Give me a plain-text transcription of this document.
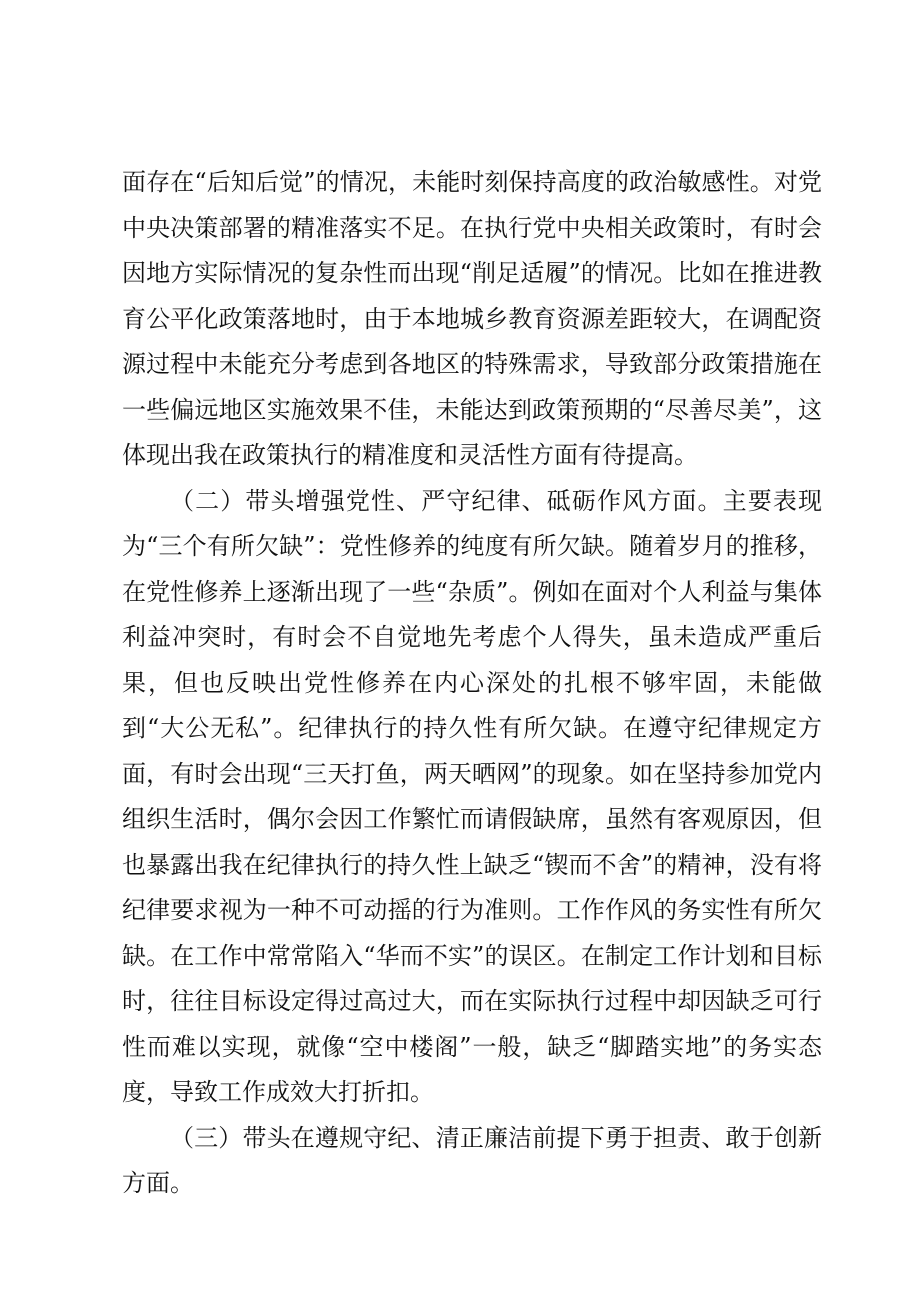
面存在“后知后觉”的情况，未能时刻保持高度的政治敏感性。对党中央决策部署的精准落实不足。在执行党中央相关政策时，有时会因地方实际情况的复杂性而出现“削足适履”的情况。比如在推进教育公平化政策落地时，由于本地城乡教育资源差距较大，在调配资源过程中未能充分考虑到各地区的特殊需求，导致部分政策措施在一些偏远地区实施效果不佳，未能达到政策预期的“尽善尽美”，这体现出我在政策执行的精准度和灵活性方面有待提高。

（二）带头增强党性、严守纪律、砥砺作风方面。主要表现为“三个有所欠缺”：党性修养的纯度有所欠缺。随着岁月的推移，在党性修养上逐渐出现了一些“杂质”。例如在面对个人利益与集体利益冲突时，有时会不自觉地先考虑个人得失，虽未造成严重后果，但也反映出党性修养在内心深处的扎根不够牢固，未能做到“大公无私”。纪律执行的持久性有所欠缺。在遵守纪律规定方面，有时会出现“三天打鱼，两天晒网”的现象。如在坚持参加党内组织生活时，偶尔会因工作繁忙而请假缺席，虽然有客观原因，但也暴露出我在纪律执行的持久性上缺乏“锲而不舍”的精神，没有将纪律要求视为一种不可动摇的行为准则。工作作风的务实性有所欠缺。在工作中常常陷入“华而不实”的误区。在制定工作计划和目标时，往往目标设定得过高过大，而在实际执行过程中却因缺乏可行性而难以实现，就像“空中楼阁”一般，缺乏“脚踏实地”的务实态度，导致工作成效大打折扣。

（三）带头在遵规守纪、清正廉洁前提下勇于担责、敢于创新方面。
